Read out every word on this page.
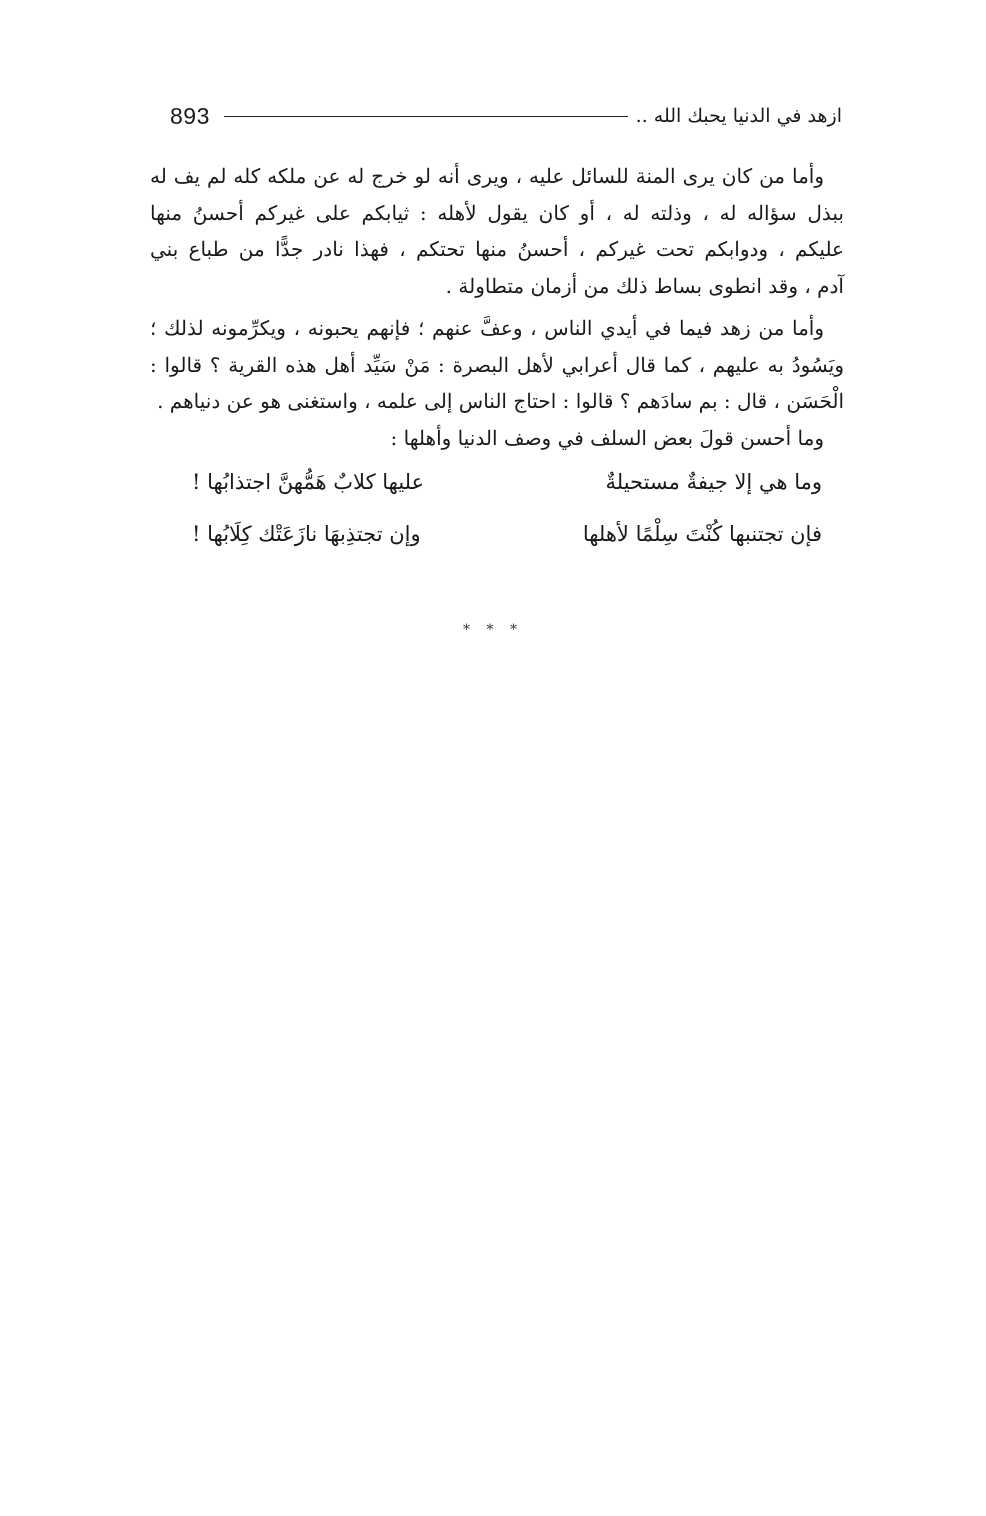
893	ازهد في الدنيا يحبك الله ..

وأما من كان يرى المنة للسائل عليه ، ويرى أنه لو خرج له عن ملكه كله لم يف له
ببذل سؤاله له ، وذلته له ، أو كان يقول لأهله : ثيابكم على غيركم أحسنُ منها
عليكم ، ودوابكم تحت غيركم ، أحسنُ منها تحتكم ، فهذا نادر جدًّا من طباع بني
آدم ، وقد انطوى بساط ذلك من أزمان متطاولة .

وأما من زهد فيما في أيدي الناس ، وعفَّ عنهم ؛ فإنهم يحبونه ، ويكرِّمونه لذلك ؛
ويَسُودُ به عليهم ، كما قال أعرابي لأهل البصرة : مَنْ سَيِّد أهل هذه القرية ؟ قالوا :
الْحَسَن ، قال : بم سادَهم ؟ قالوا : احتاج الناس إلى علمه ، واستغنى هو عن دنياهم .

وما أحسن قولَ بعض السلف في وصف الدنيا وأهلها :
وما هي إلا جيفةٌ مستحيلةٌ
عليها كلابٌ هَمُّهنَّ اجتذابُها !
فإن تجتنبها كُنْتَ سِلْمًا لأهلها
وإن تجتذِبهَا نازَعَتْك كِلَابُها !
* * *
